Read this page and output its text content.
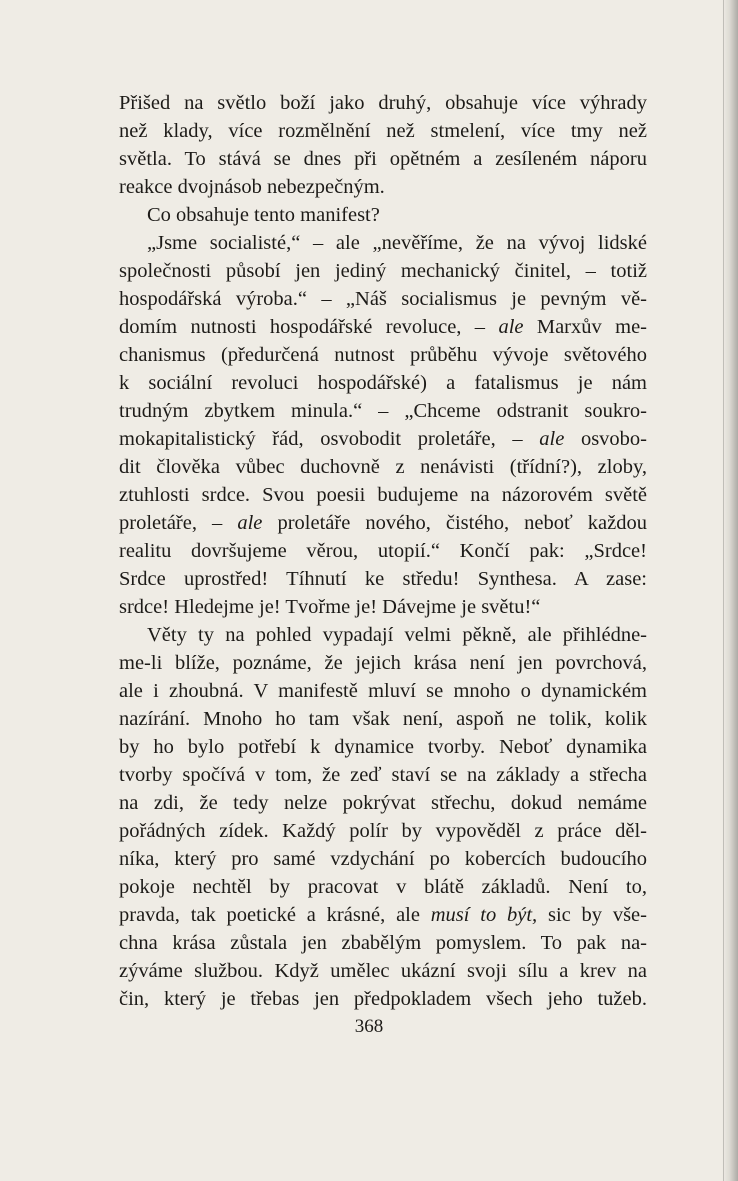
Přišed na světlo boží jako druhý, obsahuje více výhrady
než klady, více rozmělnění než stmelení, více tmy než
světla. To stává se dnes při opětném a zesíleném náporu
reakce dvojnásob nebezpečným.
Co obsahuje tento manifest?
„Jsme socialisté,“ – ale „nevěříme, že na vývoj lidské
společnosti působí jen jediný mechanický činitel, – totiž
hospodářská výroba.“ – „Náš socialismus je pevným vě-
domím nutnosti hospodářské revoluce, – ale Marxův me-
chanismus (předurčená nutnost průběhu vývoje světového
k sociální revoluci hospodářské) a fatalismus je nám
trudným zbytkem minula.“ – „Chceme odstranit soukro-
mokapitalistický řád, osvobodit proletáře, – ale osvobo-
dit člověka vůbec duchovně z nenávisti (třídní?), zloby,
ztuhlosti srdce. Svou poesii budujeme na názorovém světě
proletáře, – ale proletáře nového, čistého, neboť každou
realitu dovršujeme věrou, utopií.“ Končí pak: „Srdce!
Srdce uprostřed! Tíhnutí ke středu! Synthesa. A zase:
srdce! Hledejme je! Tvořme je! Dávejme je světu!“
Věty ty na pohled vypadají velmi pěkně, ale přihlédne-
me-li blíže, poznáme, že jejich krása není jen povrchová,
ale i zhoubná. V manifestě mluví se mnoho o dynamickém
nazírání. Mnoho ho tam však není, aspoň ne tolik, kolik
by ho bylo potřebí k dynamice tvorby. Neboť dynamika
tvorby spočívá v tom, že zeď staví se na základy a střecha
na zdi, že tedy nelze pokrývat střechu, dokud nemáme
pořádných zídek. Každý polír by vypověděl z práce děl-
níka, který pro samé vzdychání po kobercích budoucího
pokoje nechtěl by pracovat v blátě základů. Není to,
pravda, tak poetické a krásné, ale musí to být, sic by vše-
chna krása zůstala jen zbabělým pomyslem. To pak na-
zýváme službou. Když umělec ukázní svoji sílu a krev na
čin, který je třebas jen předpokladem všech jeho tužeb.
368
